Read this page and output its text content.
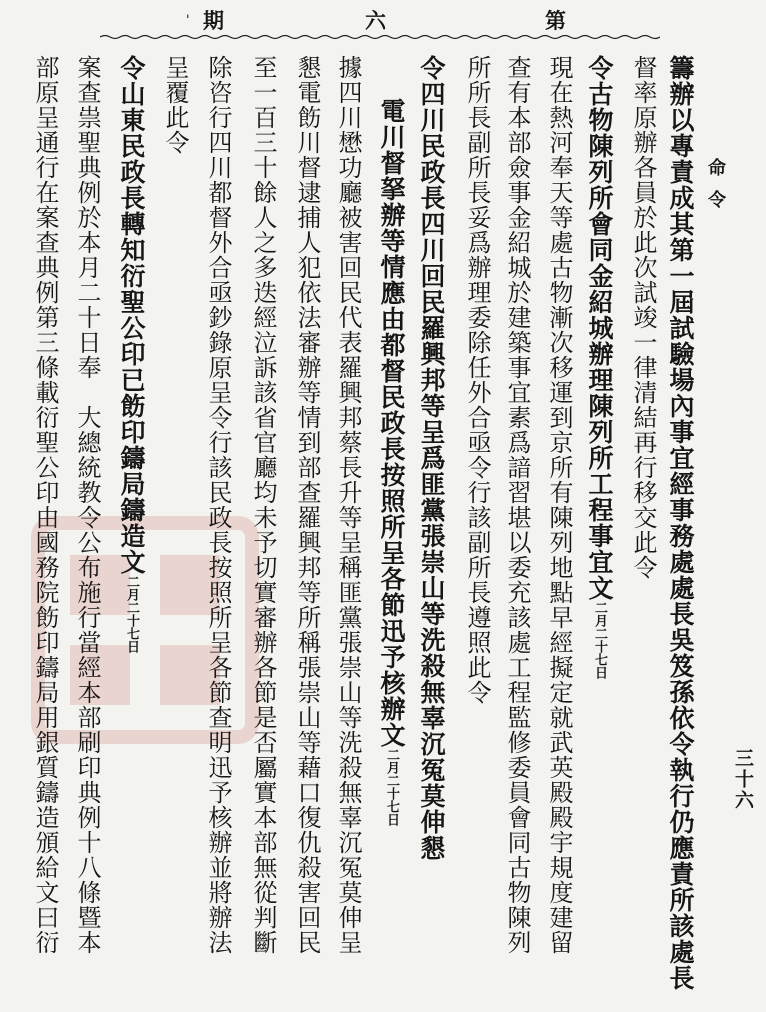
' 期	六	第
命令
三十六
籌辦以專責成其第一屆試驗場內事宜經事務處處長吳笈孫依令執行仍應責所該處長
督率原辦各員於此次試竣一律清結再行移交此令
令古物陳列所會同金紹城辦理陳列所工程事宜文二月二十七日
現在熱河奉天等處古物漸次移運到京所有陳列地點早經擬定就武英殿殿宇規度建留
查有本部僉事金紹城於建築事宜素爲諳習堪以委充該處工程監修委員會同古物陳列
所所長副所長妥爲辦理委除任外合亟令行該副所長遵照此令
令四川民政長四川回民羅興邦等呈爲匪黨張崇山等洗殺無辜沉冤莫伸懇
電川督拏辦等情應由都督民政長按照所呈各節迅予核辦文二月二十七日
據四川懋功廳被害回民代表羅興邦蔡長升等呈稱匪黨張崇山等洗殺無辜沉冤莫伸呈
懇電飭川督逮捕人犯依法審辦等情到部查羅興邦等所稱張崇山等藉口復仇殺害回民
至一百三十餘人之多迭經泣訴該省官廳均未予切實審辦各節是否屬實本部無從判斷
除咨行四川都督外合亟鈔錄原呈令行該民政長按照所呈各節查明迅予核辦並將辦法
呈覆此令
令山東民政長轉知衍聖公印已飭印鑄局鑄造文二月二十七日
案查祟聖典例於本月二十日奉　大總統教令公布施行當經本部刷印典例十八條暨本
部原呈通行在案查典例第三條載衍聖公印由國務院飭印鑄局用銀質鑄造頒給文曰衍
